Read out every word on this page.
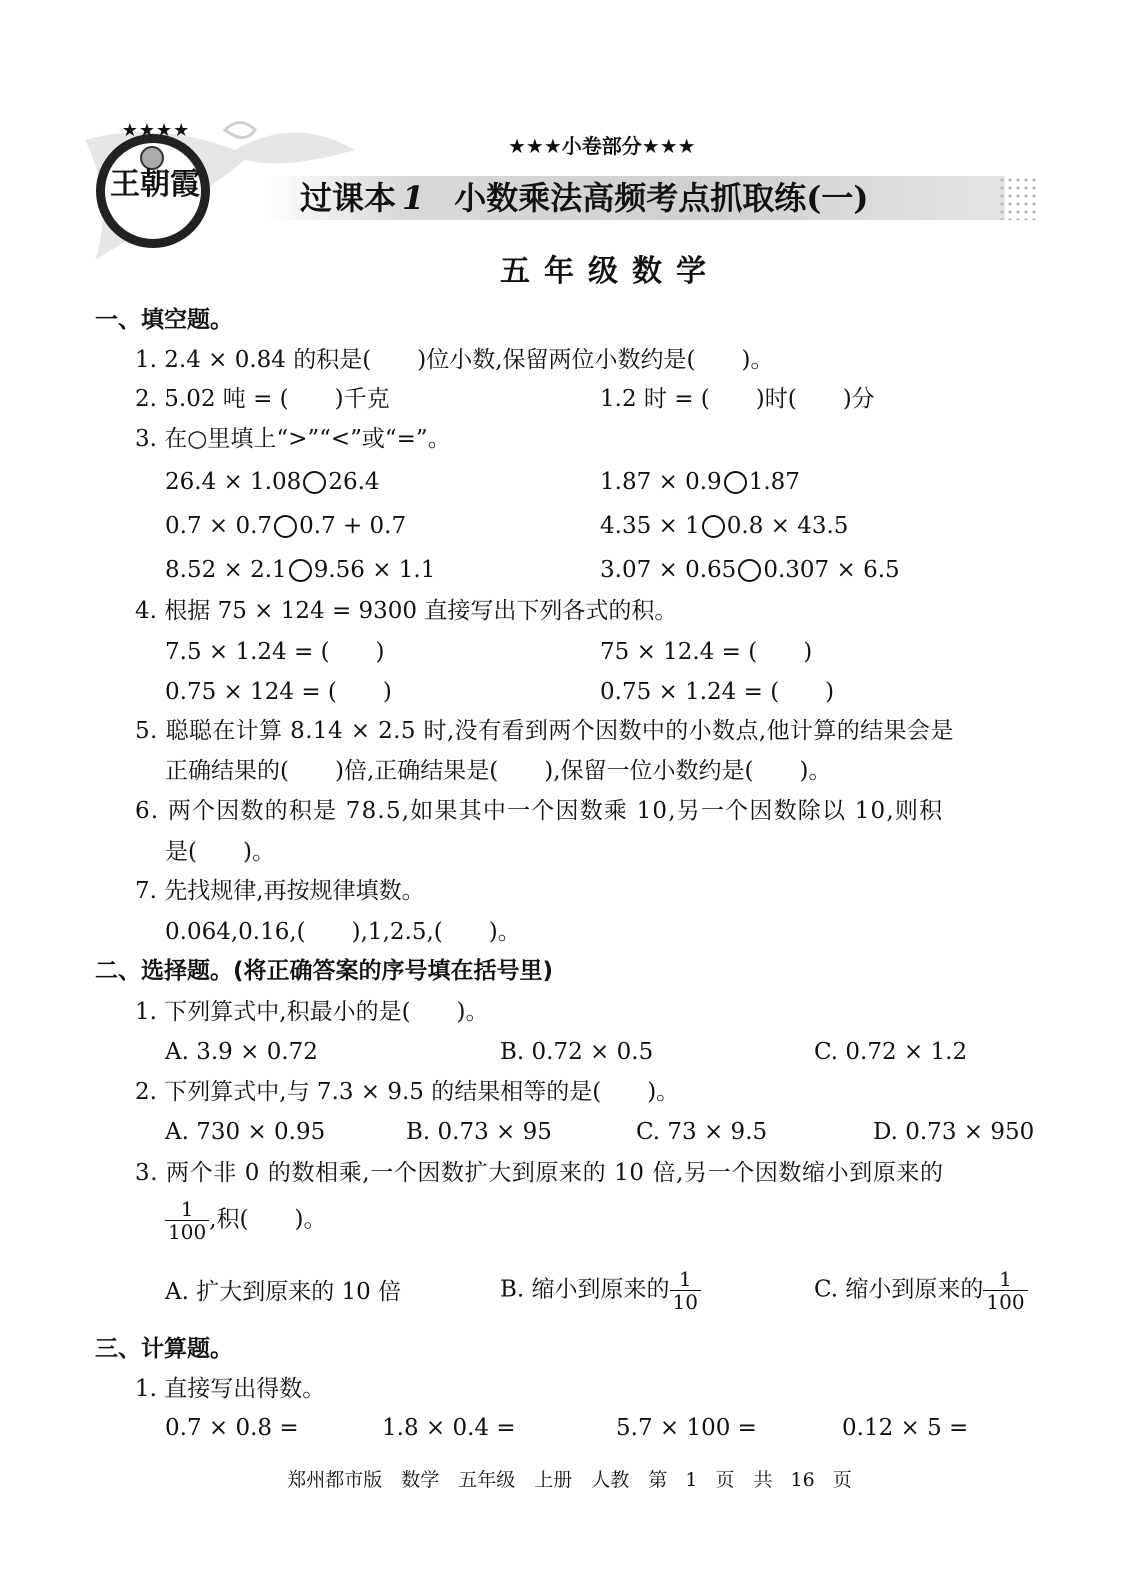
★★★★
王朝霞
★★★小卷部分★★★
过课本 1 小数乘法高频考点抓取练(一)
五年级数学
一、填空题。
1. 2.4 × 0.84 的积是(　　)位小数,保留两位小数约是(　　)。
2. 5.02 吨 = (　　)千克	1.2 时 = (　　)时(　　)分
3. 在○里填上“>”“<”或“=”。
26.4 × 1.08 26.4	1.87 × 0.9 1.87
0.7 × 0.7 0.7 + 0.7	4.35 × 1 0.8 × 43.5
8.52 × 2.1 9.56 × 1.1	3.07 × 0.65 0.307 × 6.5
4. 根据 75 × 124 = 9300 直接写出下列各式的积。
7.5 × 1.24 = (　　)	75 × 12.4 = (　　)
0.75 × 124 = (　　)	0.75 × 1.24 = (　　)
5. 聪聪在计算 8.14 × 2.5 时,没有看到两个因数中的小数点,他计算的结果会是
正确结果的(　　)倍,正确结果是(　　),保留一位小数约是(　　)。
6. 两个因数的积是 78.5,如果其中一个因数乘 10,另一个因数除以 10,则积
是(　　)。
7. 先找规律,再按规律填数。
0.064,0.16,(　　),1,2.5,(　　)。
二、选择题。(将正确答案的序号填在括号里)
1. 下列算式中,积最小的是(　　)。
A. 3.9 × 0.72	B. 0.72 × 0.5	C. 0.72 × 1.2
2. 下列算式中,与 7.3 × 9.5 的结果相等的是(　　)。
A. 730 × 0.95	B. 0.73 × 95	C. 73 × 9.5	D. 0.73 × 950
3. 两个非 0 的数相乘,一个因数扩大到原来的 10 倍,另一个因数缩小到原来的
$\frac{1}{100}$ ,积(　　)。
A. 扩大到原来的 10 倍	B. 缩小到原来的 $\frac{1}{10}$	C. 缩小到原来的 $\frac{1}{100}$
三、计算题。
1. 直接写出得数。
0.7 × 0.8 =	1.8 × 0.4 =	5.7 × 100 =	0.12 × 5 =
郑州都市版　数学　五年级　上册　人教　第 1 页　共 16 页
